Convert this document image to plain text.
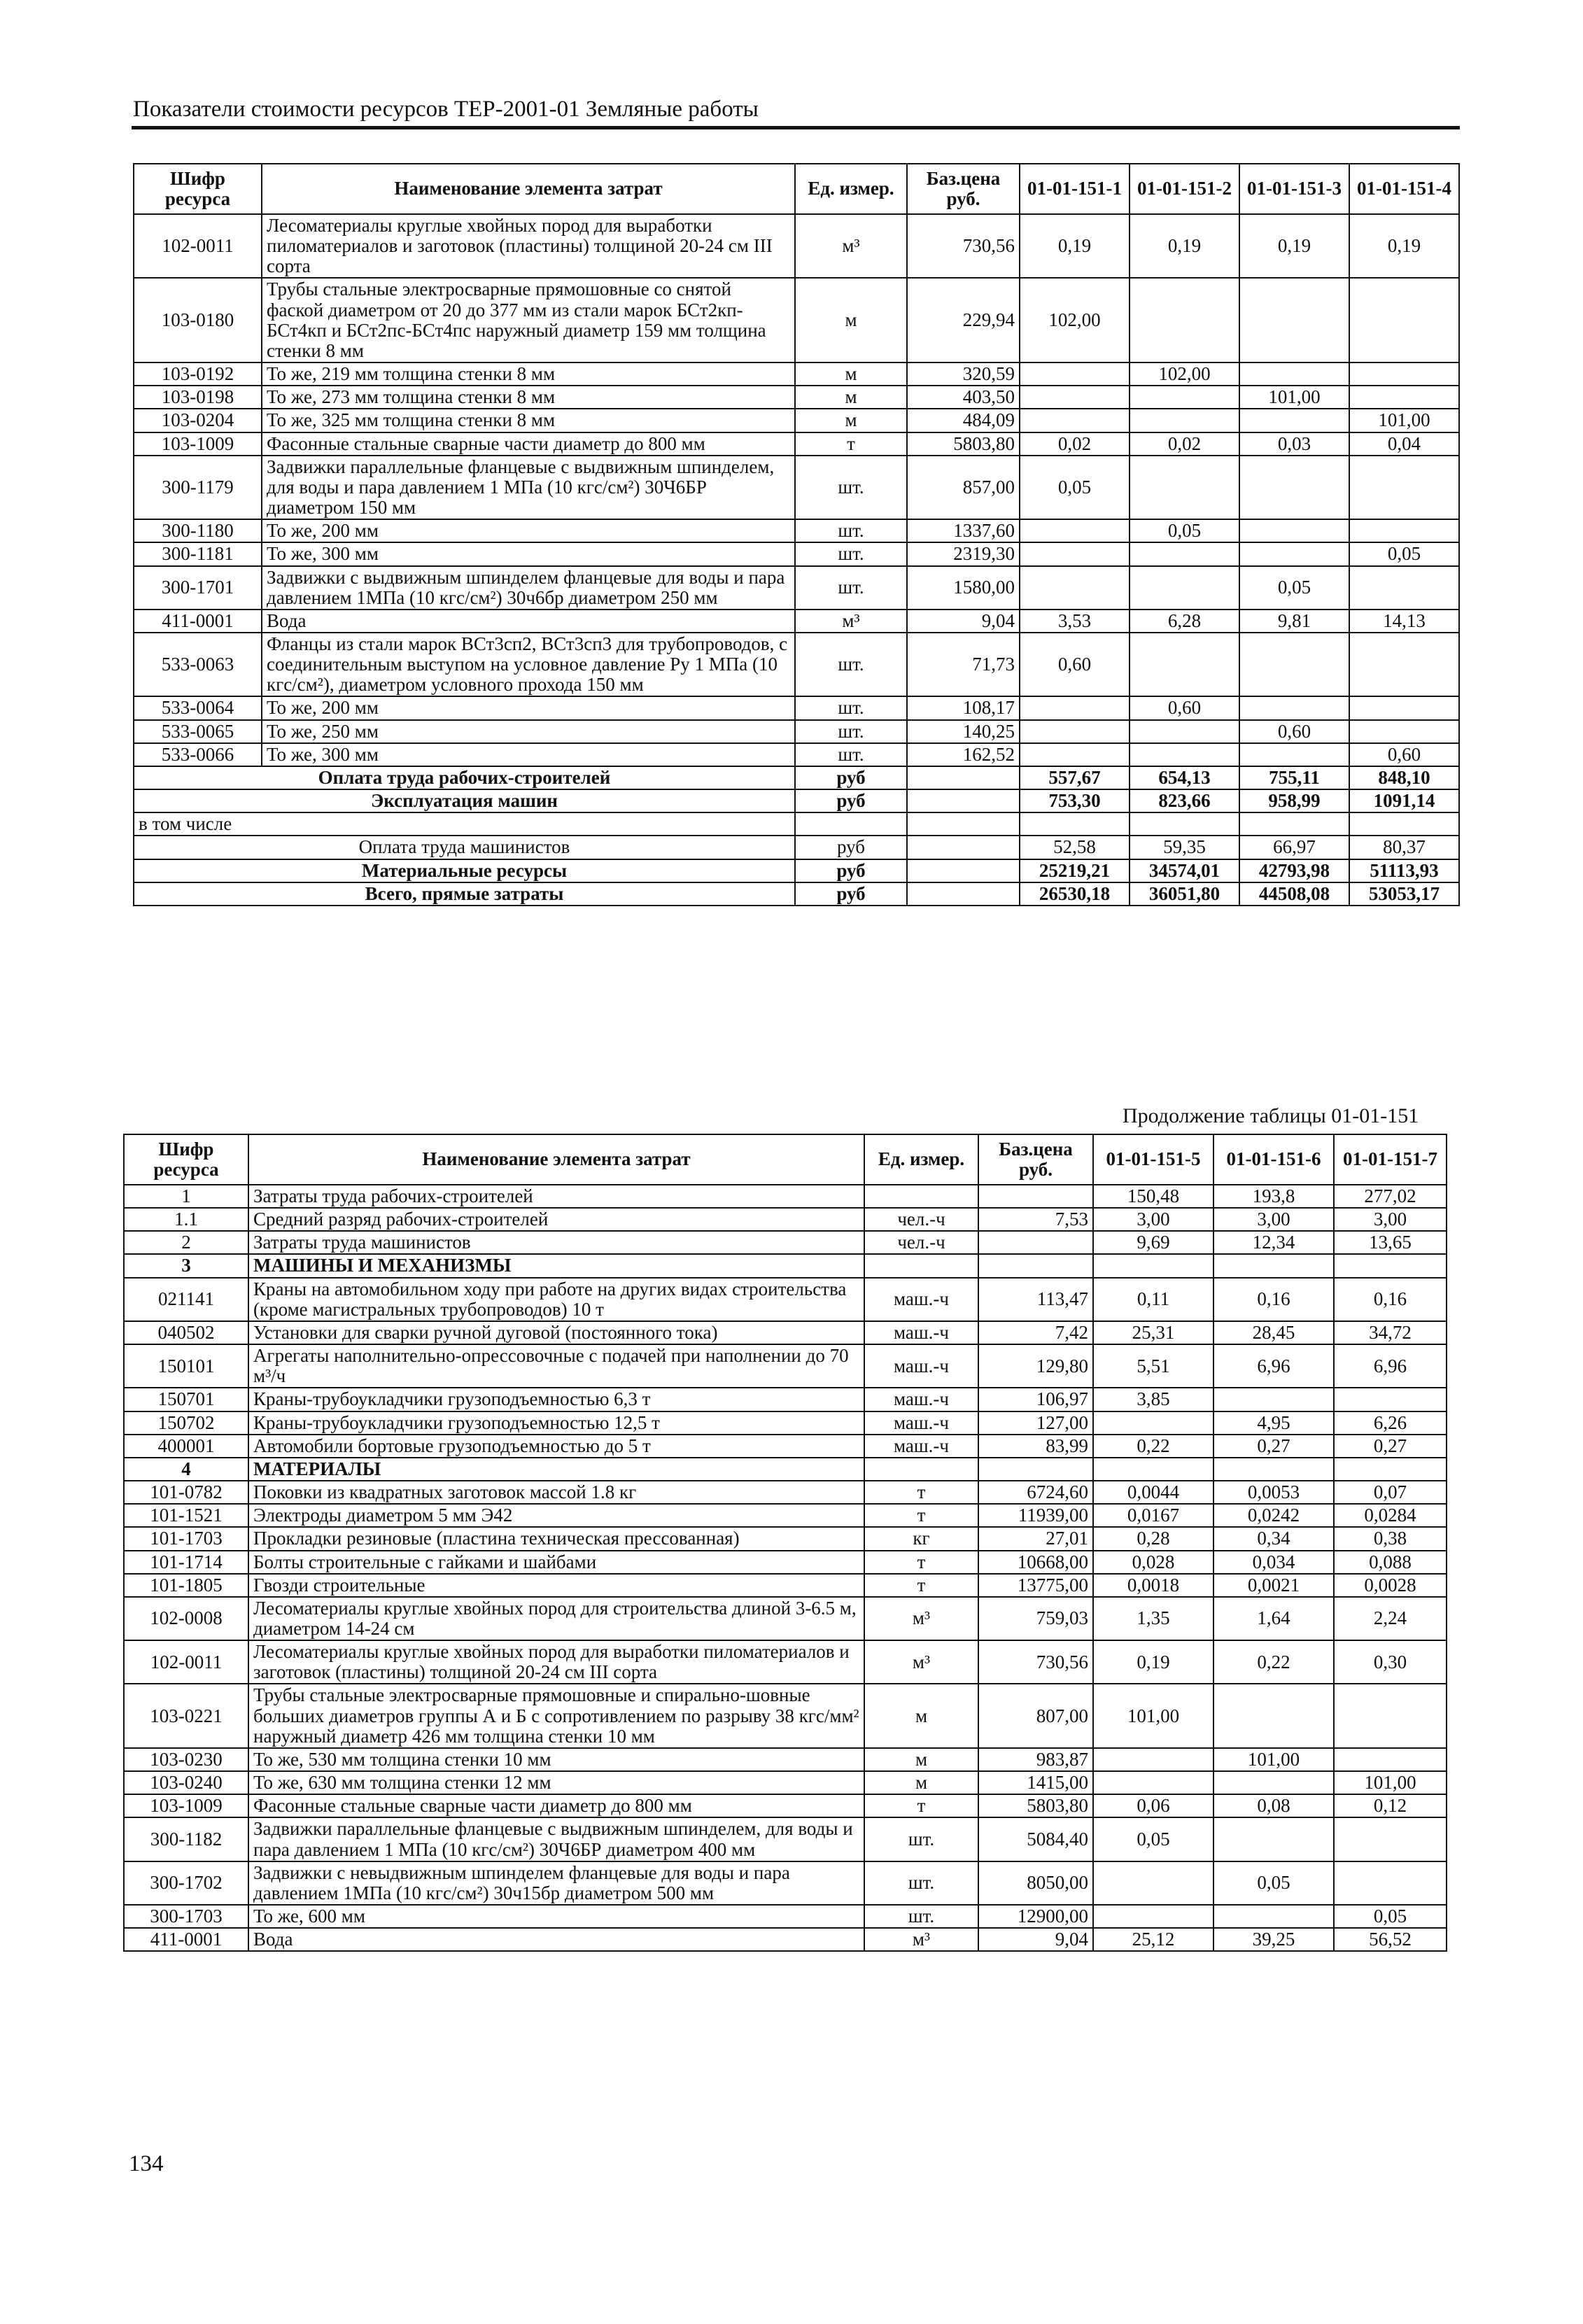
Показатели стоимости ресурсов ТЕР-2001-01 Земляные работы
Шифр ресурса	Наименование элемента затрат	Ед. измер.	Баз.цена руб.	01-01-151-1	01-01-151-2	01-01-151-3	01-01-151-4
102-0011	Лесоматериалы круглые хвойных пород для выработки пиломатериалов и заготовок (пластины) толщиной 20-24 см III сорта	м³	730,56	0,19	0,19	0,19	0,19
103-0180	Трубы стальные электросварные прямошовные со снятой фаской диаметром от 20 до 377 мм из стали марок БСт2кп-БСт4кп и БСт2пс-БСт4пс наружный диаметр 159 мм толщина стенки 8 мм	м	229,94	102,00			
103-0192	То же, 219 мм толщина стенки 8 мм	м	320,59		102,00		
103-0198	То же, 273 мм толщина стенки 8 мм	м	403,50			101,00	
103-0204	То же, 325 мм толщина стенки 8 мм	м	484,09				101,00
103-1009	Фасонные стальные сварные части диаметр до 800 мм	т	5803,80	0,02	0,02	0,03	0,04
300-1179	Задвижки параллельные фланцевые с выдвижным шпинделем, для воды и пара давлением 1 МПа (10 кгс/см²) 30Ч6БР диаметром 150 мм	шт.	857,00	0,05			
300-1180	То же, 200 мм	шт.	1337,60		0,05		
300-1181	То же, 300 мм	шт.	2319,30				0,05
300-1701	Задвижки с выдвижным шпинделем фланцевые для воды и пара давлением 1МПа (10 кгс/см²) 30ч6бр диаметром 250 мм	шт.	1580,00			0,05	
411-0001	Вода	м³	9,04	3,53	6,28	9,81	14,13
533-0063	Фланцы из стали марок ВСт3сп2, ВСт3сп3 для трубопроводов, с соединительным выступом на условное давление Ру 1 МПа (10 кгс/см²), диаметром условного прохода 150 мм	шт.	71,73	0,60			
533-0064	То же, 200 мм	шт.	108,17		0,60		
533-0065	То же, 250 мм	шт.	140,25			0,60	
533-0066	То же, 300 мм	шт.	162,52				0,60
Оплата труда рабочих-строителей		руб		557,67	654,13	755,11	848,10
Эксплуатация машин		руб		753,30	823,66	958,99	1091,14
в том числе							
Оплата труда машинистов		руб		52,58	59,35	66,97	80,37
Материальные ресурсы		руб		25219,21	34574,01	42793,98	51113,93
Всего, прямые затраты		руб		26530,18	36051,80	44508,08	53053,17
Продолжение таблицы 01-01-151
Шифр ресурса	Наименование элемента затрат	Ед. измер.	Баз.цена руб.	01-01-151-5	01-01-151-6	01-01-151-7
1	Затраты труда рабочих-строителей			150,48	193,8	277,02
1.1	Средний разряд рабочих-строителей	чел.-ч	7,53	3,00	3,00	3,00
2	Затраты труда машинистов	чел.-ч		9,69	12,34	13,65
3	МАШИНЫ И МЕХАНИЗМЫ					
021141	Краны на автомобильном ходу при работе на других видах строительства (кроме магистральных трубопроводов) 10 т	маш.-ч	113,47	0,11	0,16	0,16
040502	Установки для сварки ручной дуговой (постоянного тока)	маш.-ч	7,42	25,31	28,45	34,72
150101	Агрегаты наполнительно-опрессовочные с подачей при наполнении до 70 м³/ч	маш.-ч	129,80	5,51	6,96	6,96
150701	Краны-трубоукладчики грузоподъемностью 6,3 т	маш.-ч	106,97	3,85		
150702	Краны-трубоукладчики грузоподъемностью 12,5 т	маш.-ч	127,00		4,95	6,26
400001	Автомобили бортовые грузоподъемностью до 5 т	маш.-ч	83,99	0,22	0,27	0,27
4	МАТЕРИАЛЫ					
101-0782	Поковки из квадратных заготовок массой 1.8 кг	т	6724,60	0,0044	0,0053	0,07
101-1521	Электроды диаметром 5 мм Э42	т	11939,00	0,0167	0,0242	0,0284
101-1703	Прокладки резиновые (пластина техническая прессованная)	кг	27,01	0,28	0,34	0,38
101-1714	Болты строительные с гайками и шайбами	т	10668,00	0,028	0,034	0,088
101-1805	Гвозди строительные	т	13775,00	0,0018	0,0021	0,0028
102-0008	Лесоматериалы круглые хвойных пород для строительства длиной 3-6.5 м, диаметром 14-24 см	м³	759,03	1,35	1,64	2,24
102-0011	Лесоматериалы круглые хвойных пород для выработки пиломатериалов и заготовок (пластины) толщиной 20-24 см III сорта	м³	730,56	0,19	0,22	0,30
103-0221	Трубы стальные электросварные прямошовные и спирально-шовные больших диаметров группы А и Б с сопротивлением по разрыву 38 кгс/мм² наружный диаметр 426 мм толщина стенки 10 мм	м	807,00	101,00		
103-0230	То же, 530 мм толщина стенки 10 мм	м	983,87		101,00	
103-0240	То же, 630 мм толщина стенки 12 мм	м	1415,00			101,00
103-1009	Фасонные стальные сварные части диаметр до 800 мм	т	5803,80	0,06	0,08	0,12
300-1182	Задвижки параллельные фланцевые с выдвижным шпинделем, для воды и пара давлением 1 МПа (10 кгс/см²) 30Ч6БР диаметром 400 мм	шт.	5084,40	0,05		
300-1702	Задвижки с невыдвижным шпинделем фланцевые для воды и пара давлением 1МПа (10 кгс/см²) 30ч15бр диаметром 500 мм	шт.	8050,00		0,05	
300-1703	То же, 600 мм	шт.	12900,00			0,05
411-0001	Вода	м³	9,04	25,12	39,25	56,52
134
